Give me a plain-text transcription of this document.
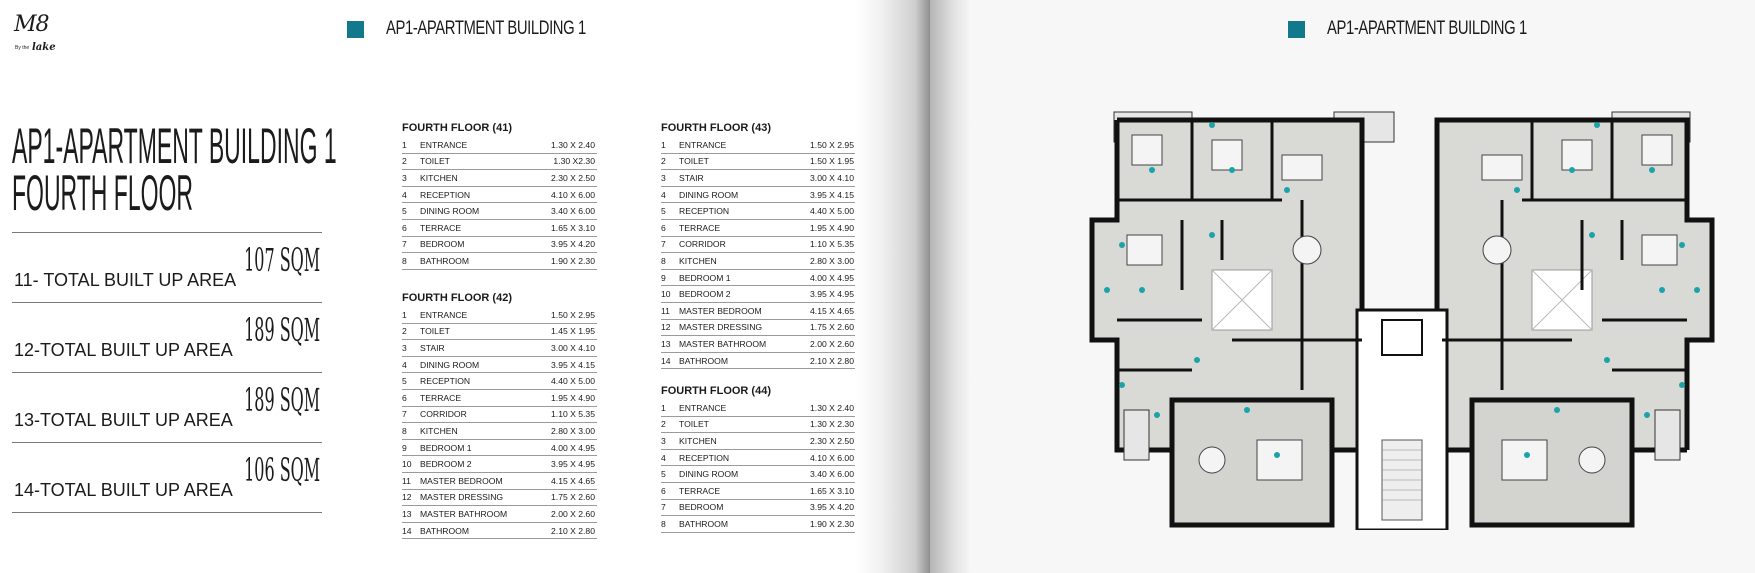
M8
By the lake
AP1-APARTMENT BUILDING 1
AP1-APARTMENT BUILDING 1
FOURTH FLOOR
11- TOTAL BUILT UP AREA
107 SQM
12-TOTAL BUILT UP AREA
189 SQM
13-TOTAL BUILT UP AREA
189 SQM
14-TOTAL BUILT UP AREA
106 SQM
FOURTH FLOOR (41)
1	ENTRANCE	1.30 X 2.40
2	TOILET	1.30 X2.30
3	KITCHEN	2.30 X 2.50
4	RECEPTION	4.10 X 6.00
5	DINING ROOM	3.40 X 6.00
6	TERRACE	1.65 X 3.10
7	BEDROOM	3.95 X 4.20
8	BATHROOM	1.90 X 2.30
FOURTH FLOOR (42)
1	ENTRANCE	1.50 X 2.95
2	TOILET	1.45 X 1.95
3	STAIR	3.00 X 4.10
4	DINING ROOM	3.95 X 4.15
5	RECEPTION	4.40 X 5.00
6	TERRACE	1.95 X 4.90
7	CORRIDOR	1.10 X 5.35
8	KITCHEN	2.80 X 3.00
9	BEDROOM 1	4.00 X 4.95
10 BEDROOM 2	3.95 X 4.95
11	MASTER BEDROOM	4.15 X 4.65
12 MASTER DRESSING	1.75 X 2.60
13 MASTER BATHROOM	2.00 X 2.60
14 BATHROOM	2.10 X 2.80
FOURTH FLOOR (43)
1	ENTRANCE	1.50 X 2.95
2	TOILET	1.50 X 1.95
3	STAIR	3.00 X 4.10
4	DINING ROOM	3.95 X 4.15
5	RECEPTION	4.40 X 5.00
6	TERRACE	1.95 X 4.90
7	CORRIDOR	1.10 X 5.35
8	KITCHEN	2.80 X 3.00
9	BEDROOM 1	4.00 X 4.95
10 BEDROOM 2	3.95 X 4.95
11	MASTER BEDROOM	4.15 X 4.65
12 MASTER DRESSING	1.75 X 2.60
13 MASTER BATHROOM	2.00 X 2.60
14 BATHROOM	2.10 X 2.80
FOURTH FLOOR (44)
1	ENTRANCE	1.30 X 2.40
2	TOILET	1.30 X 2.30
3	KITCHEN	2.30 X 2.50
4	RECEPTION	4.10 X 6.00
5	DINING ROOM	3.40 X 6.00
6	TERRACE	1.65 X 3.10
7	BEDROOM	3.95 X 4.20
8	BATHROOM	1.90 X 2.30
AP1-APARTMENT BUILDING 1
